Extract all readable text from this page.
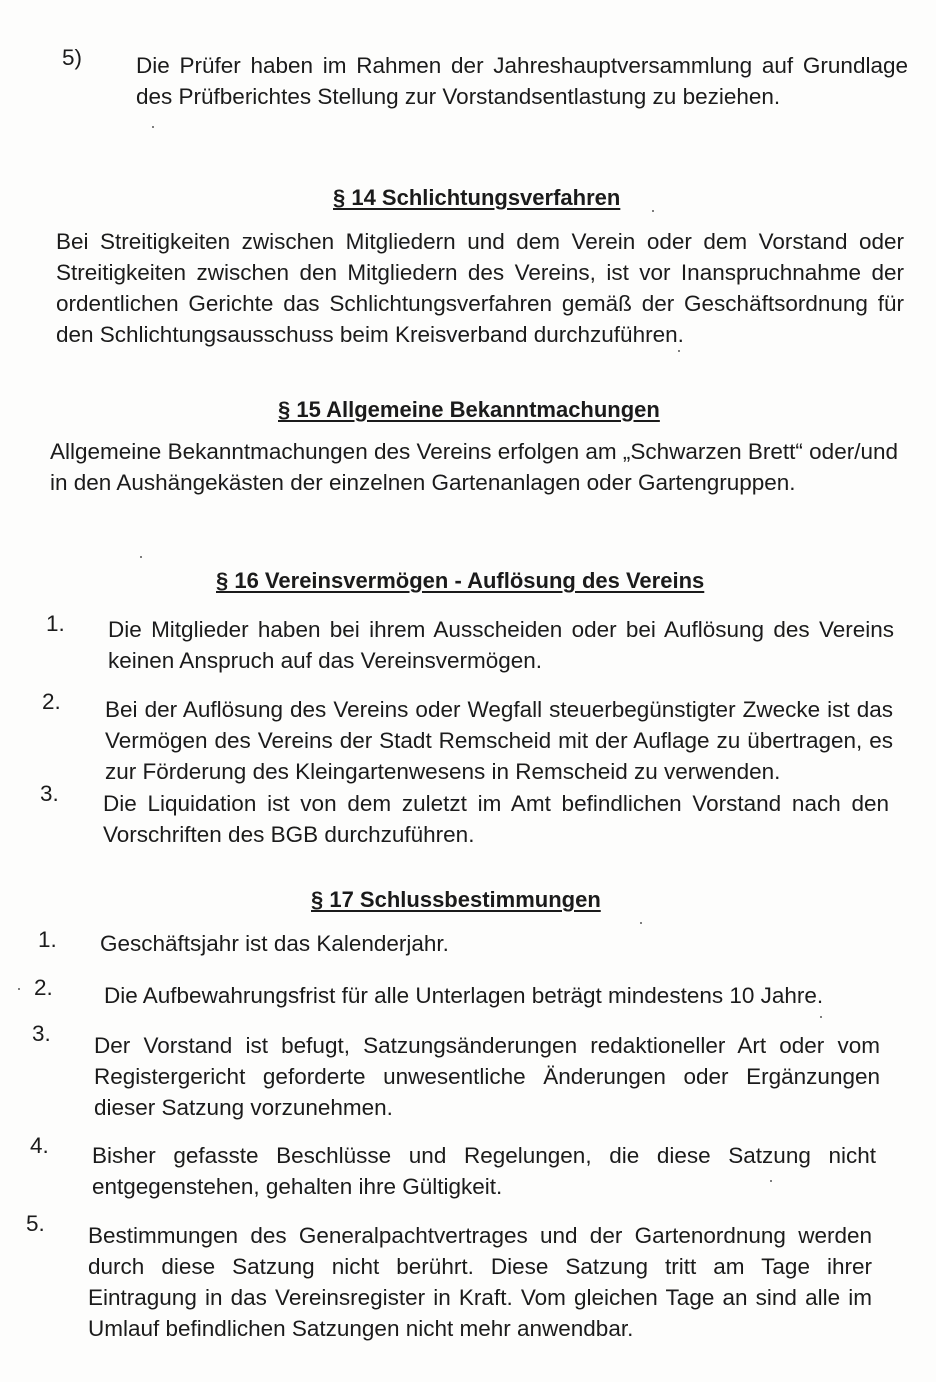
5) Die Prüfer haben im Rahmen der Jahreshauptversammlung auf Grundlage des Prüfberichtes Stellung zur Vorstandsentlastung zu beziehen.
§ 14 Schlichtungsverfahren
Bei Streitigkeiten zwischen Mitgliedern und dem Verein oder dem Vorstand oder Streitigkeiten zwischen den Mitgliedern des Vereins, ist vor Inanspruchnahme der ordentlichen Gerichte das Schlichtungsverfahren gemäß der Geschäftsordnung für den Schlichtungsausschuss beim Kreisverband durchzuführen.
§ 15 Allgemeine Bekanntmachungen
Allgemeine Bekanntmachungen des Vereins erfolgen am „Schwarzen Brett“ oder/und in den Aushängekästen der einzelnen Gartenanlagen oder Gartengruppen.
§ 16 Vereinsvermögen - Auflösung des Vereins
1. Die Mitglieder haben bei ihrem Ausscheiden oder bei Auflösung des Vereins keinen Anspruch auf das Vereinsvermögen.
2. Bei der Auflösung des Vereins oder Wegfall steuerbegünstigter Zwecke ist das Vermögen des Vereins der Stadt Remscheid mit der Auflage zu übertragen, es zur Förderung des Kleingartenwesens in Remscheid zu verwenden.
3. Die Liquidation ist von dem zuletzt im Amt befindlichen Vorstand nach den Vorschriften des BGB durchzuführen.
§ 17 Schlussbestimmungen
1. Geschäftsjahr ist das Kalenderjahr.
2. Die Aufbewahrungsfrist für alle Unterlagen beträgt mindestens 10 Jahre.
3. Der Vorstand ist befugt, Satzungsänderungen redaktioneller Art oder vom Registergericht geforderte unwesentliche Änderungen oder Ergänzungen dieser Satzung vorzunehmen.
4. Bisher gefasste Beschlüsse und Regelungen, die diese Satzung nicht entgegenstehen, gehalten ihre Gültigkeit.
5. Bestimmungen des Generalpachtvertrages und der Gartenordnung werden durch diese Satzung nicht berührt. Diese Satzung tritt am Tage ihrer Eintragung in das Vereinsregister in Kraft. Vom gleichen Tage an sind alle im Umlauf befindlichen Satzungen nicht mehr anwendbar.
